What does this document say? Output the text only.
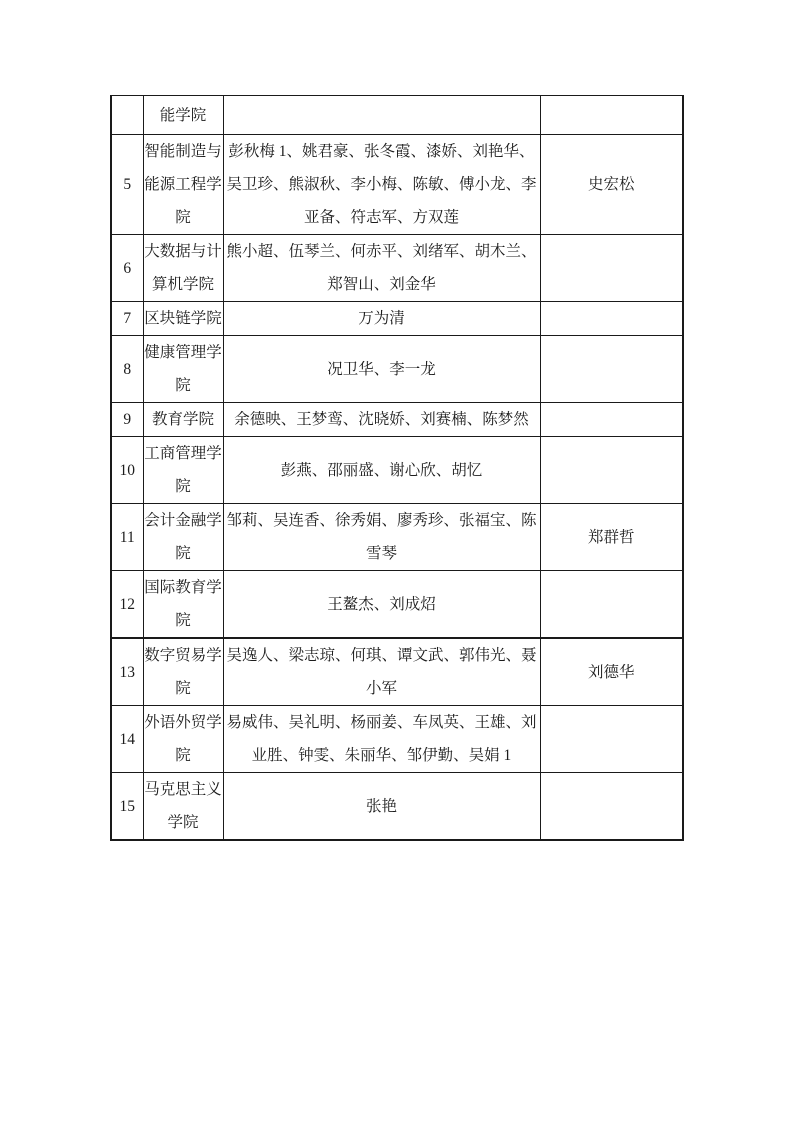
	能学院		
5	智能制造与能源工程学院	彭秋梅 1、姚君豪、张冬霞、漆娇、刘艳华、吴卫珍、熊淑秋、李小梅、陈敏、傅小龙、李亚备、符志军、方双莲	史宏松
6	大数据与计算机学院	熊小超、伍琴兰、何赤平、刘绪军、胡木兰、郑智山、刘金华	
7	区块链学院	万为清	
8	健康管理学院	况卫华、李一龙	
9	教育学院	余德映、王梦鸾、沈晓娇、刘赛楠、陈梦然	
10	工商管理学院	彭燕、邵丽盛、谢心欣、胡忆	
11	会计金融学院	邹莉、吴连香、徐秀娟、廖秀珍、张福宝、陈雪琴	郑群哲
12	国际教育学院	王鳌杰、刘成炤	
13	数字贸易学院	吴逸人、梁志琼、何琪、谭文武、郭伟光、聂小军	刘德华
14	外语外贸学院	易威伟、吴礼明、杨丽姜、车凤英、王雄、刘业胜、钟雯、朱丽华、邹伊勤、吴娟 1	
15	马克思主义学院	张艳	
